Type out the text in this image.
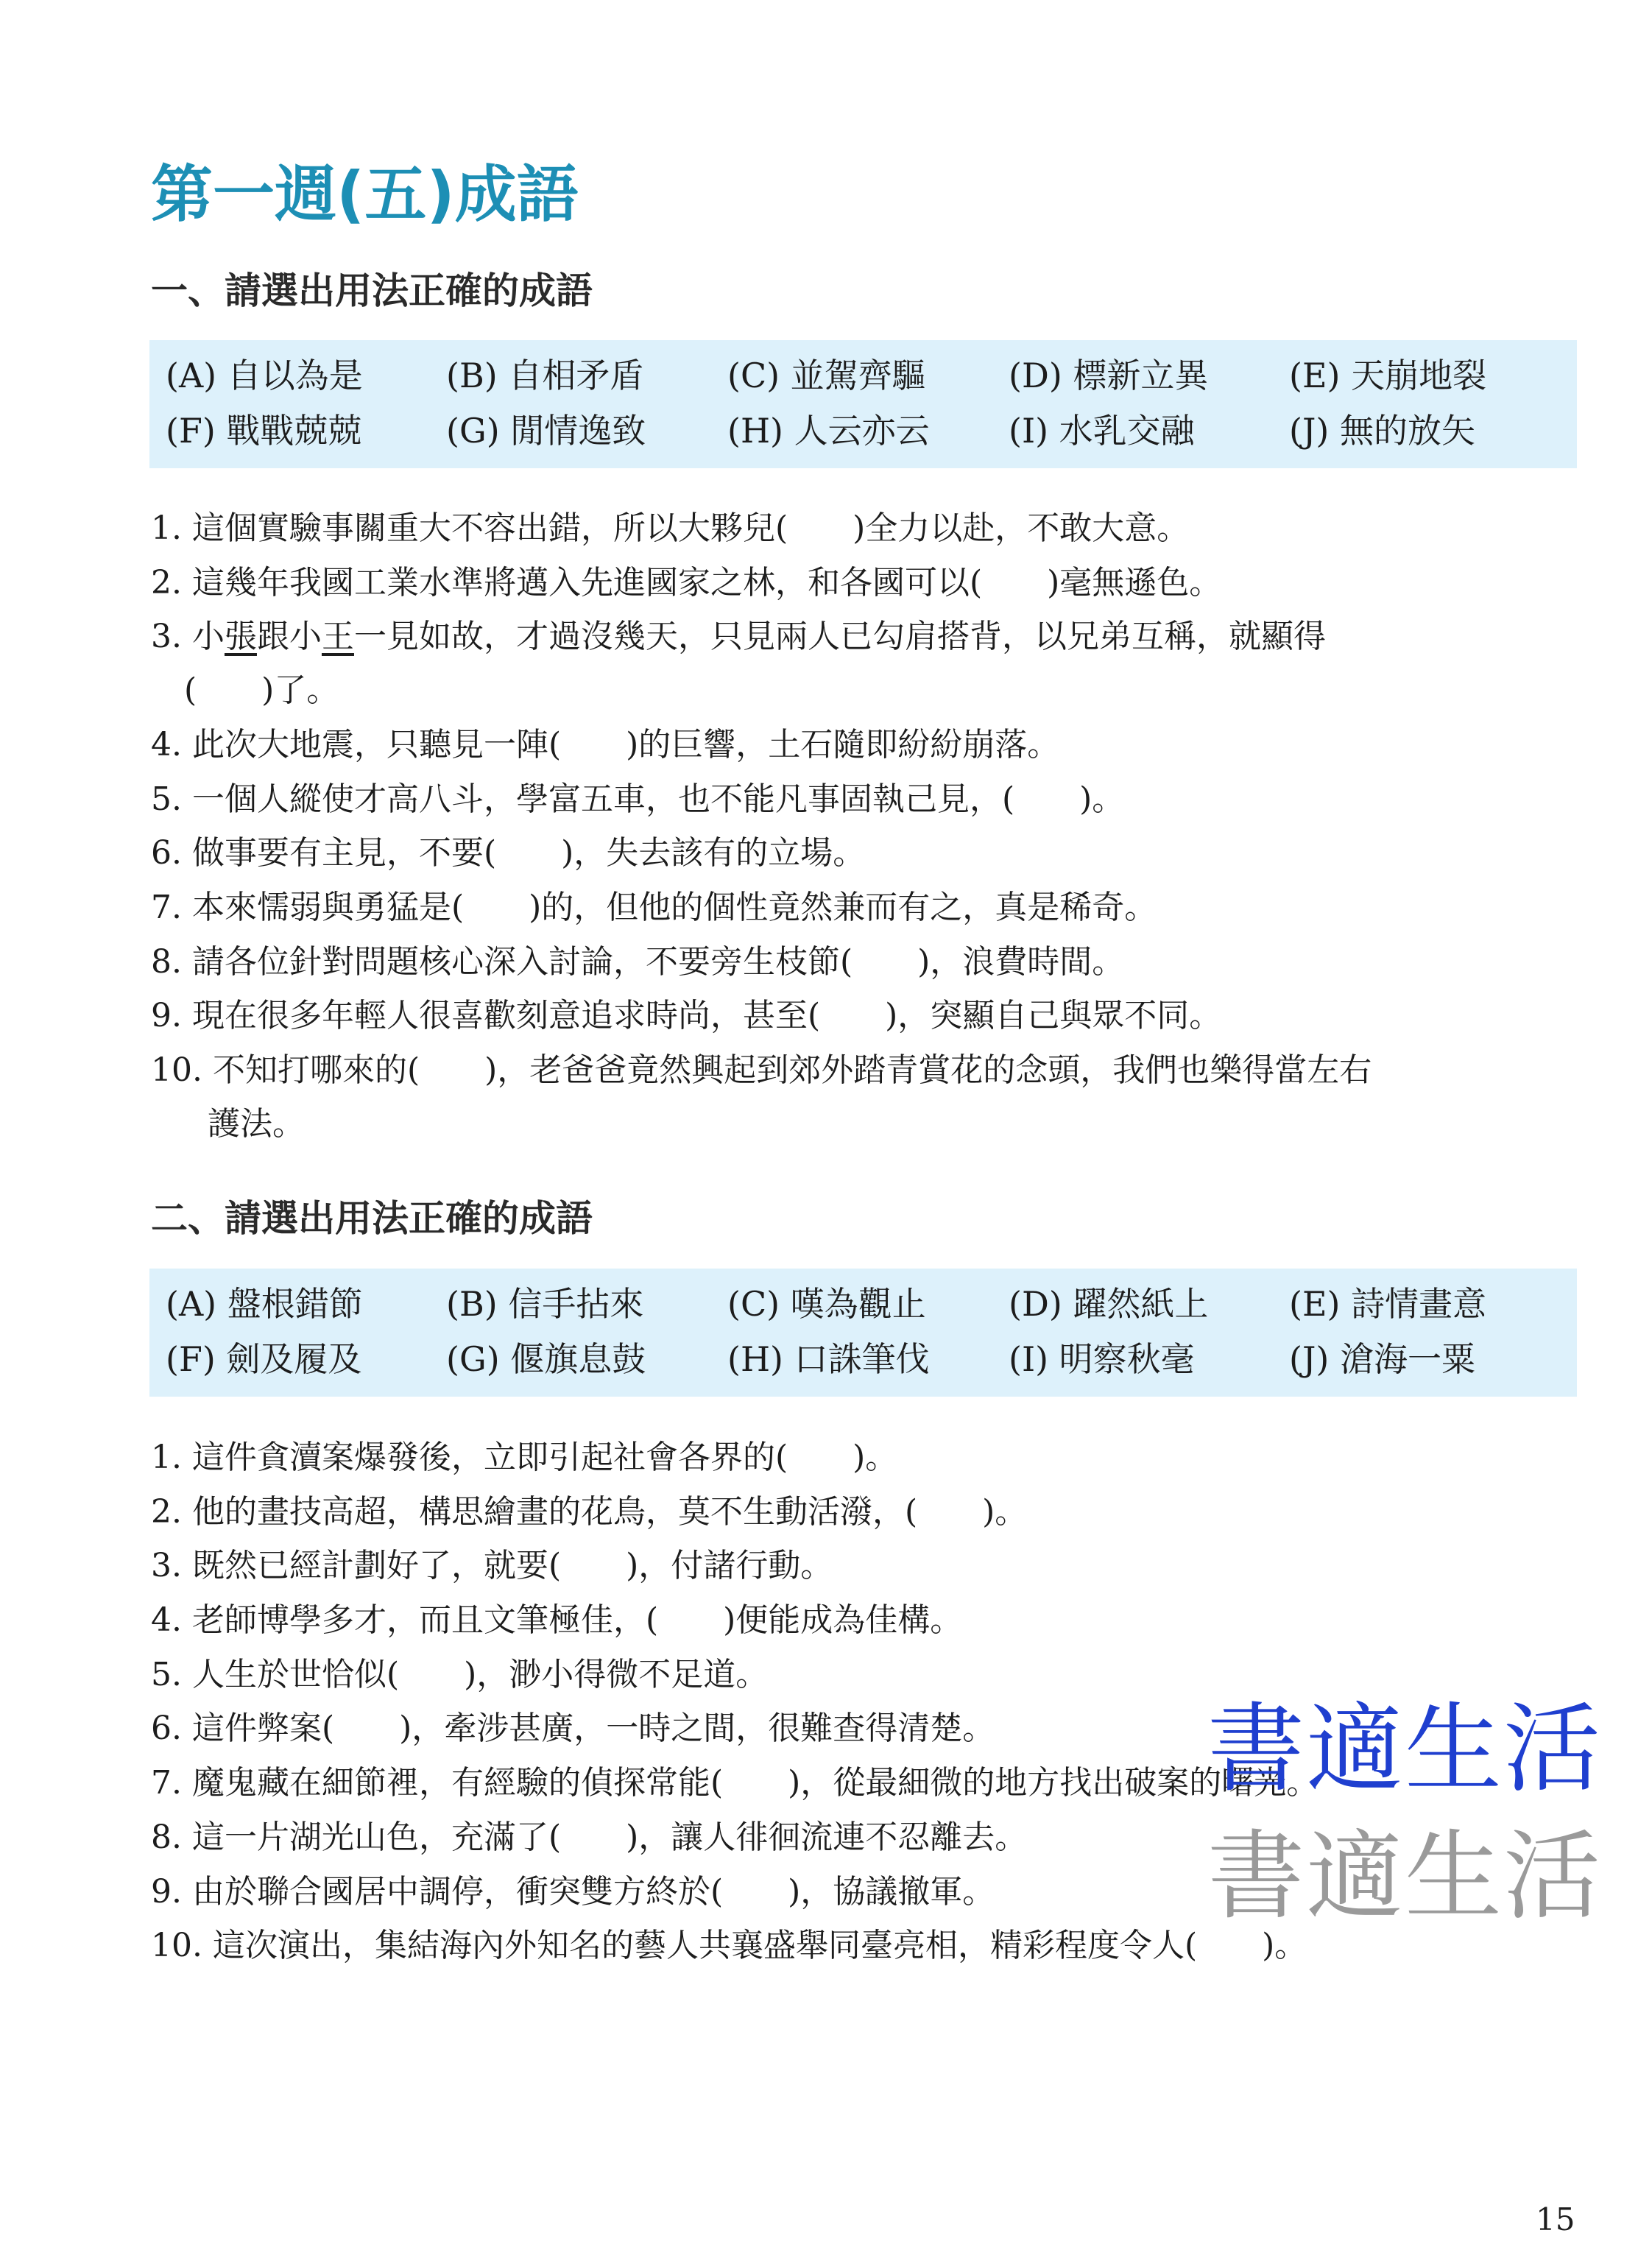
第一週(五)成語
一、請選出用法正確的成語
(A) 自以為是 (B) 自相矛盾 (C) 並駕齊驅 (D) 標新立異 (E) 天崩地裂
(F) 戰戰兢兢 (G) 閒情逸致 (H) 人云亦云 (I) 水乳交融	(J) 無的放矢
1. 這個實驗事關重大不容出錯，所以大夥兒(　　)全力以赴，不敢大意。
2. 這幾年我國工業水準將邁入先進國家之林，和各國可以(　　)毫無遜色。
3. 小張跟小王一見如故，才過沒幾天，只見兩人已勾肩搭背，以兄弟互稱，就顯得
(　　)了。
4. 此次大地震，只聽見一陣(　　)的巨響，土石隨即紛紛崩落。
5. 一個人縱使才高八斗，學富五車，也不能凡事固執己見，(　　)。
6. 做事要有主見，不要(　　)，失去該有的立場。
7. 本來懦弱與勇猛是(　　)的，但他的個性竟然兼而有之，真是稀奇。
8. 請各位針對問題核心深入討論，不要旁生枝節(　　)，浪費時間。
9. 現在很多年輕人很喜歡刻意追求時尚，甚至(　　)，突顯自己與眾不同。
10. 不知打哪來的(　　)，老爸爸竟然興起到郊外踏青賞花的念頭，我們也樂得當左右
護法。
二、請選出用法正確的成語
(A) 盤根錯節 (B) 信手拈來 (C) 嘆為觀止 (D) 躍然紙上 (E) 詩情畫意
(F) 劍及履及 (G) 偃旗息鼓 (H) 口誅筆伐 (I) 明察秋毫	(J) 滄海一粟
1. 這件貪瀆案爆發後，立即引起社會各界的(　　)。
2. 他的畫技高超，構思繪畫的花鳥，莫不生動活潑，(　　)。
3. 既然已經計劃好了，就要(　　)，付諸行動。
4. 老師博學多才，而且文筆極佳，(　　)便能成為佳構。
5. 人生於世恰似(　　)，渺小得微不足道。
6. 這件弊案(　　)，牽涉甚廣，一時之間，很難查得清楚。
7. 魔鬼藏在細節裡，有經驗的偵探常能(　　)，從最細微的地方找出破案的曙光。
8. 這一片湖光山色，充滿了(　　)，讓人徘徊流連不忍離去。
9. 由於聯合國居中調停，衝突雙方終於(　　)，協議撤軍。
10. 這次演出，集結海內外知名的藝人共襄盛舉同臺亮相，精彩程度令人(　　)。
書適生活
書適生活
15
